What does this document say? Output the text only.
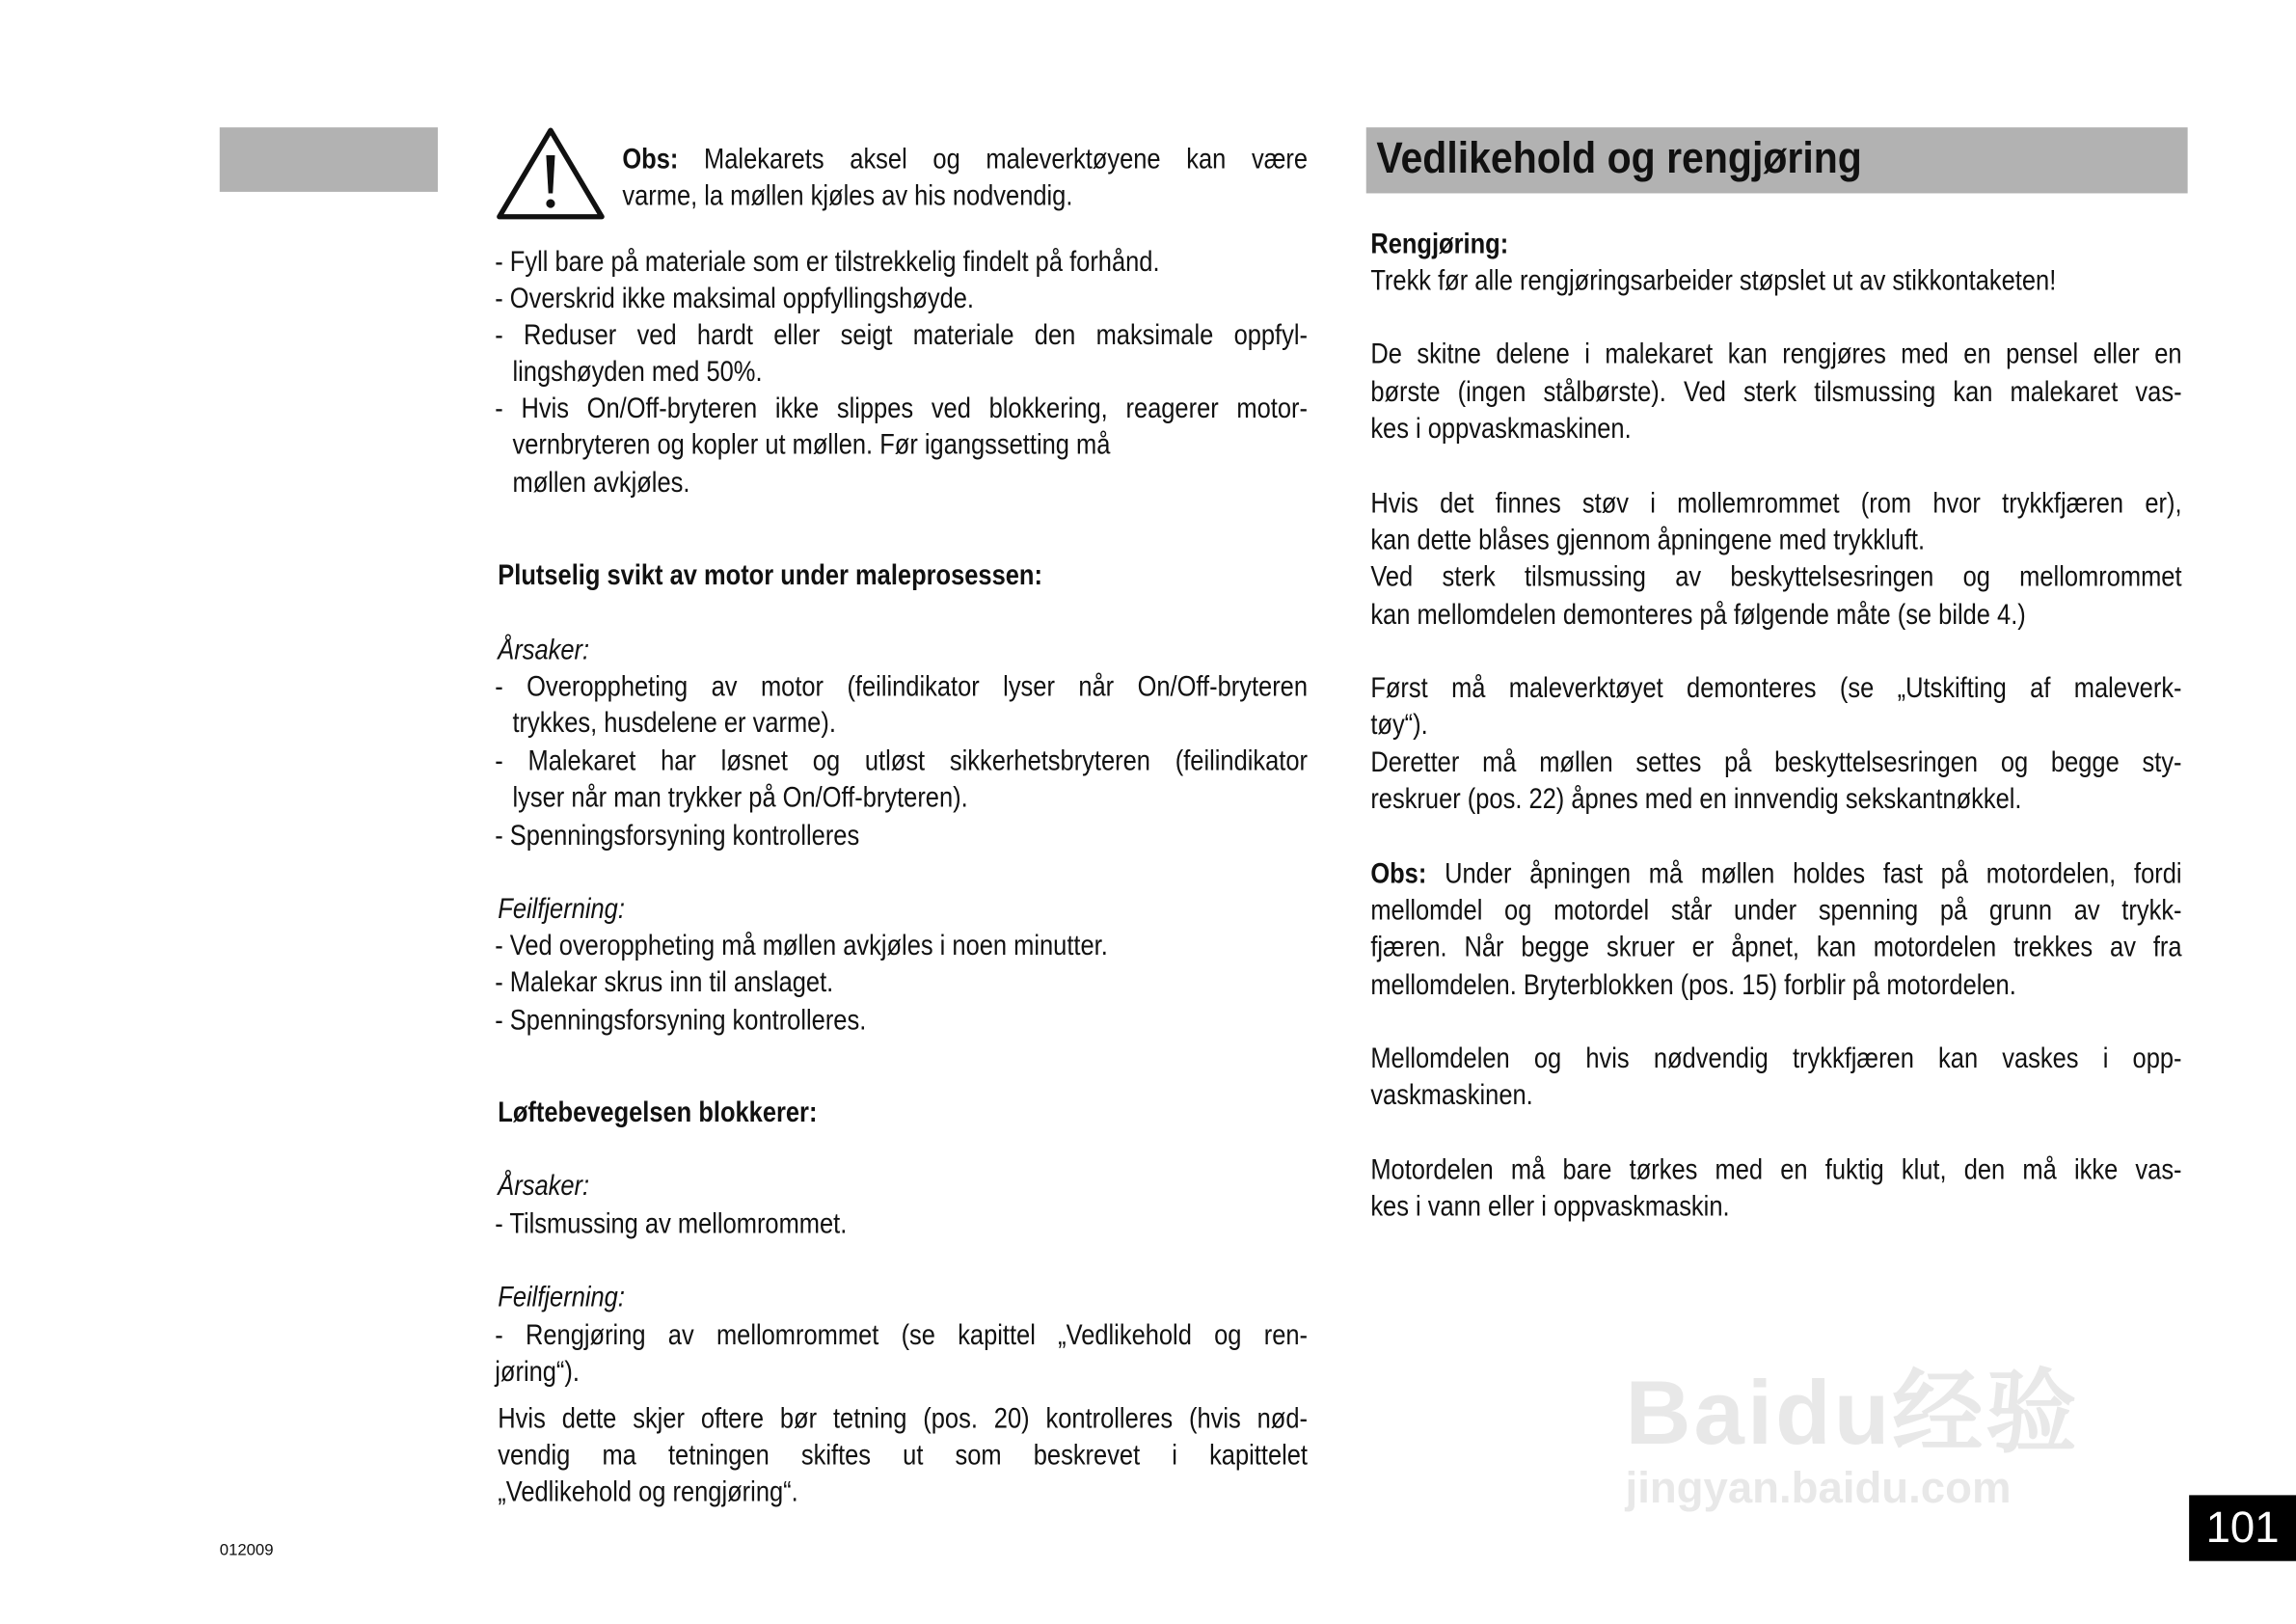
Vedlikehold og rengjøring
Obs: Malekarets aksel og maleverktøyene kan være
varme, la møllen kjøles av his nodvendig.
- Fyll bare på materiale som er tilstrekkelig findelt på forhånd.
- Overskrid ikke maksimal oppfyllingshøyde.
- Reduser ved hardt eller seigt materiale den maksimale oppfyl-
lingshøyden med 50%.
- Hvis On/Off-bryteren ikke slippes ved blokkering, reagerer motor-
vernbryteren og kopler ut møllen. Før igangssetting må
møllen avkjøles.
Plutselig svikt av motor under maleprosessen:
Årsaker:
- Overoppheting av motor (feilindikator lyser når On/Off-bryteren
trykkes, husdelene er varme).
- Malekaret har løsnet og utløst sikkerhetsbryteren (feilindikator
lyser når man trykker på On/Off-bryteren).
- Spenningsforsyning kontrolleres
Feilfjerning:
- Ved overoppheting må møllen avkjøles i noen minutter.
- Malekar skrus inn til anslaget.
- Spenningsforsyning kontrolleres.
Løftebevegelsen blokkerer:
Årsaker:
- Tilsmussing av mellomrommet.
Feilfjerning:
- Rengjøring av mellomrommet (se kapittel „Vedlikehold og ren-
jøring“).
Hvis dette skjer oftere bør tetning (pos. 20) kontrolleres (hvis nød-
vendig ma tetningen skiftes ut som beskrevet i kapittelet
„Vedlikehold og rengjøring“.
Rengjøring:
Trekk før alle rengjøringsarbeider støpslet ut av stikkontaketen!
De skitne delene i malekaret kan rengjøres med en pensel eller en
børste (ingen stålbørste). Ved sterk tilsmussing kan malekaret vas-
kes i oppvaskmaskinen.
Hvis det finnes støv i mollemrommet (rom hvor trykkfjæren er),
kan dette blåses gjennom åpningene med trykkluft.
Ved sterk tilsmussing av beskyttelsesringen og mellomrommet
kan mellomdelen demonteres på følgende måte (se bilde 4.)
Først må maleverktøyet demonteres (se „Utskifting af maleverk-
tøy“).
Deretter må møllen settes på beskyttelsesringen og begge sty-
reskruer (pos. 22) åpnes med en innvendig sekskantnøkkel.
Obs: Under åpningen må møllen holdes fast på motordelen, fordi
mellomdel og motordel står under spenning på grunn av trykk-
fjæren. Når begge skruer er åpnet, kan motordelen trekkes av fra
mellomdelen. Bryterblokken (pos. 15) forblir på motordelen.
Mellomdelen og hvis nødvendig trykkfjæren kan vaskes i opp-
vaskmaskinen.
Motordelen må bare tørkes med en fuktig klut, den må ikke vas-
kes i vann eller i oppvaskmaskin.
Baidu经验
jingyan.baidu.com
012009	101
